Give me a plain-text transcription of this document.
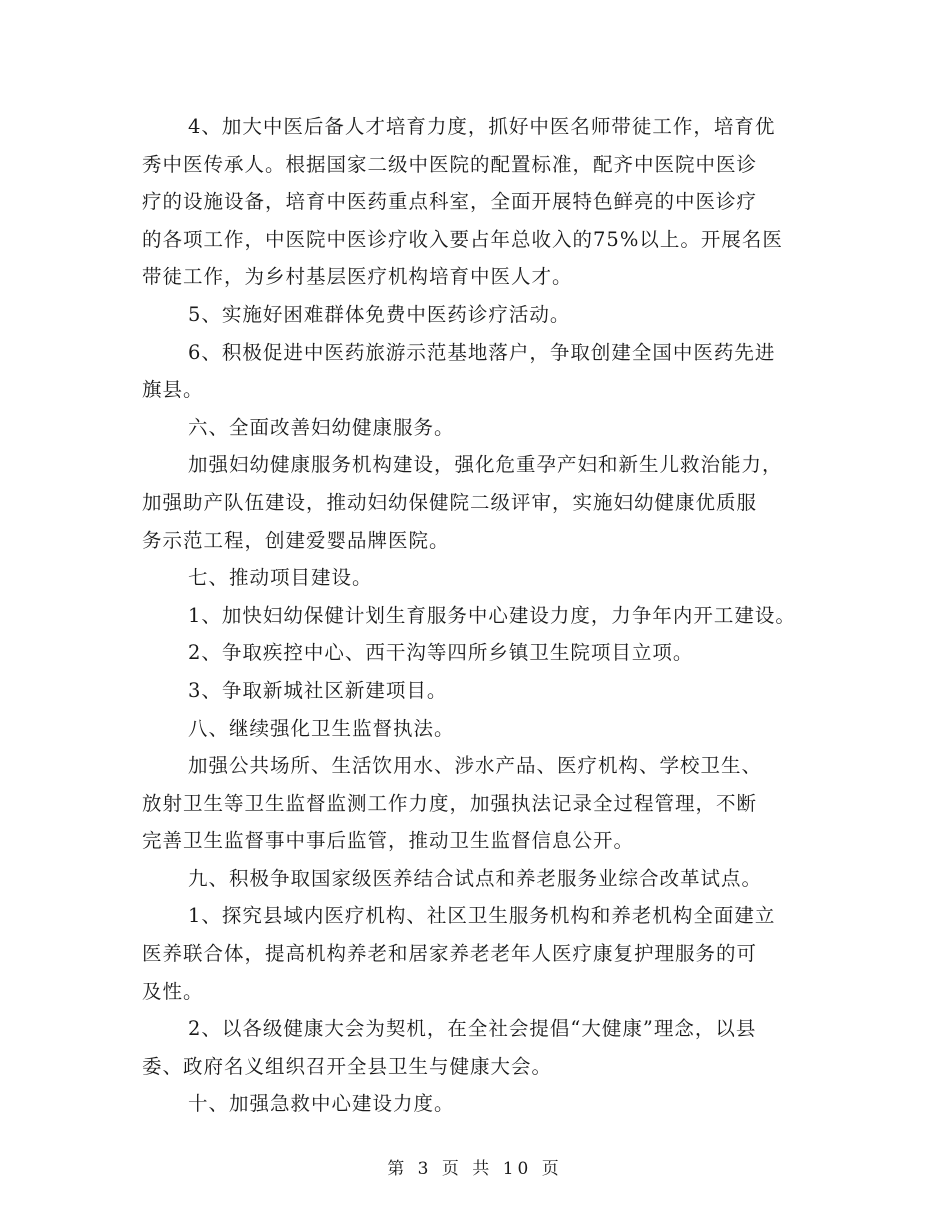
4、加大中医后备人才培育力度，抓好中医名师带徒工作，培育优
秀中医传承人。根据国家二级中医院的配置标准，配齐中医院中医诊
疗的设施设备，培育中医药重点科室，全面开展特色鲜亮的中医诊疗
的各项工作，中医院中医诊疗收入要占年总收入的75%以上。开展名医
带徒工作，为乡村基层医疗机构培育中医人才。

5、实施好困难群体免费中医药诊疗活动。

6、积极促进中医药旅游示范基地落户，争取创建全国中医药先进
旗县。

六、全面改善妇幼健康服务。

加强妇幼健康服务机构建设，强化危重孕产妇和新生儿救治能力，
加强助产队伍建设，推动妇幼保健院二级评审，实施妇幼健康优质服
务示范工程，创建爱婴品牌医院。

七、推动项目建设。

1、加快妇幼保健计划生育服务中心建设力度，力争年内开工建设。

2、争取疾控中心、西干沟等四所乡镇卫生院项目立项。

3、争取新城社区新建项目。

八、继续强化卫生监督执法。

加强公共场所、生活饮用水、涉水产品、医疗机构、学校卫生、
放射卫生等卫生监督监测工作力度，加强执法记录全过程管理，不断
完善卫生监督事中事后监管，推动卫生监督信息公开。

九、积极争取国家级医养结合试点和养老服务业综合改革试点。

1、探究县域内医疗机构、社区卫生服务机构和养老机构全面建立
医养联合体，提高机构养老和居家养老老年人医疗康复护理服务的可
及性。

2、以各级健康大会为契机，在全社会提倡“大健康”理念，以县
委、政府名义组织召开全县卫生与健康大会。

十、加强急救中心建设力度。

第 3 页 共 10 页
